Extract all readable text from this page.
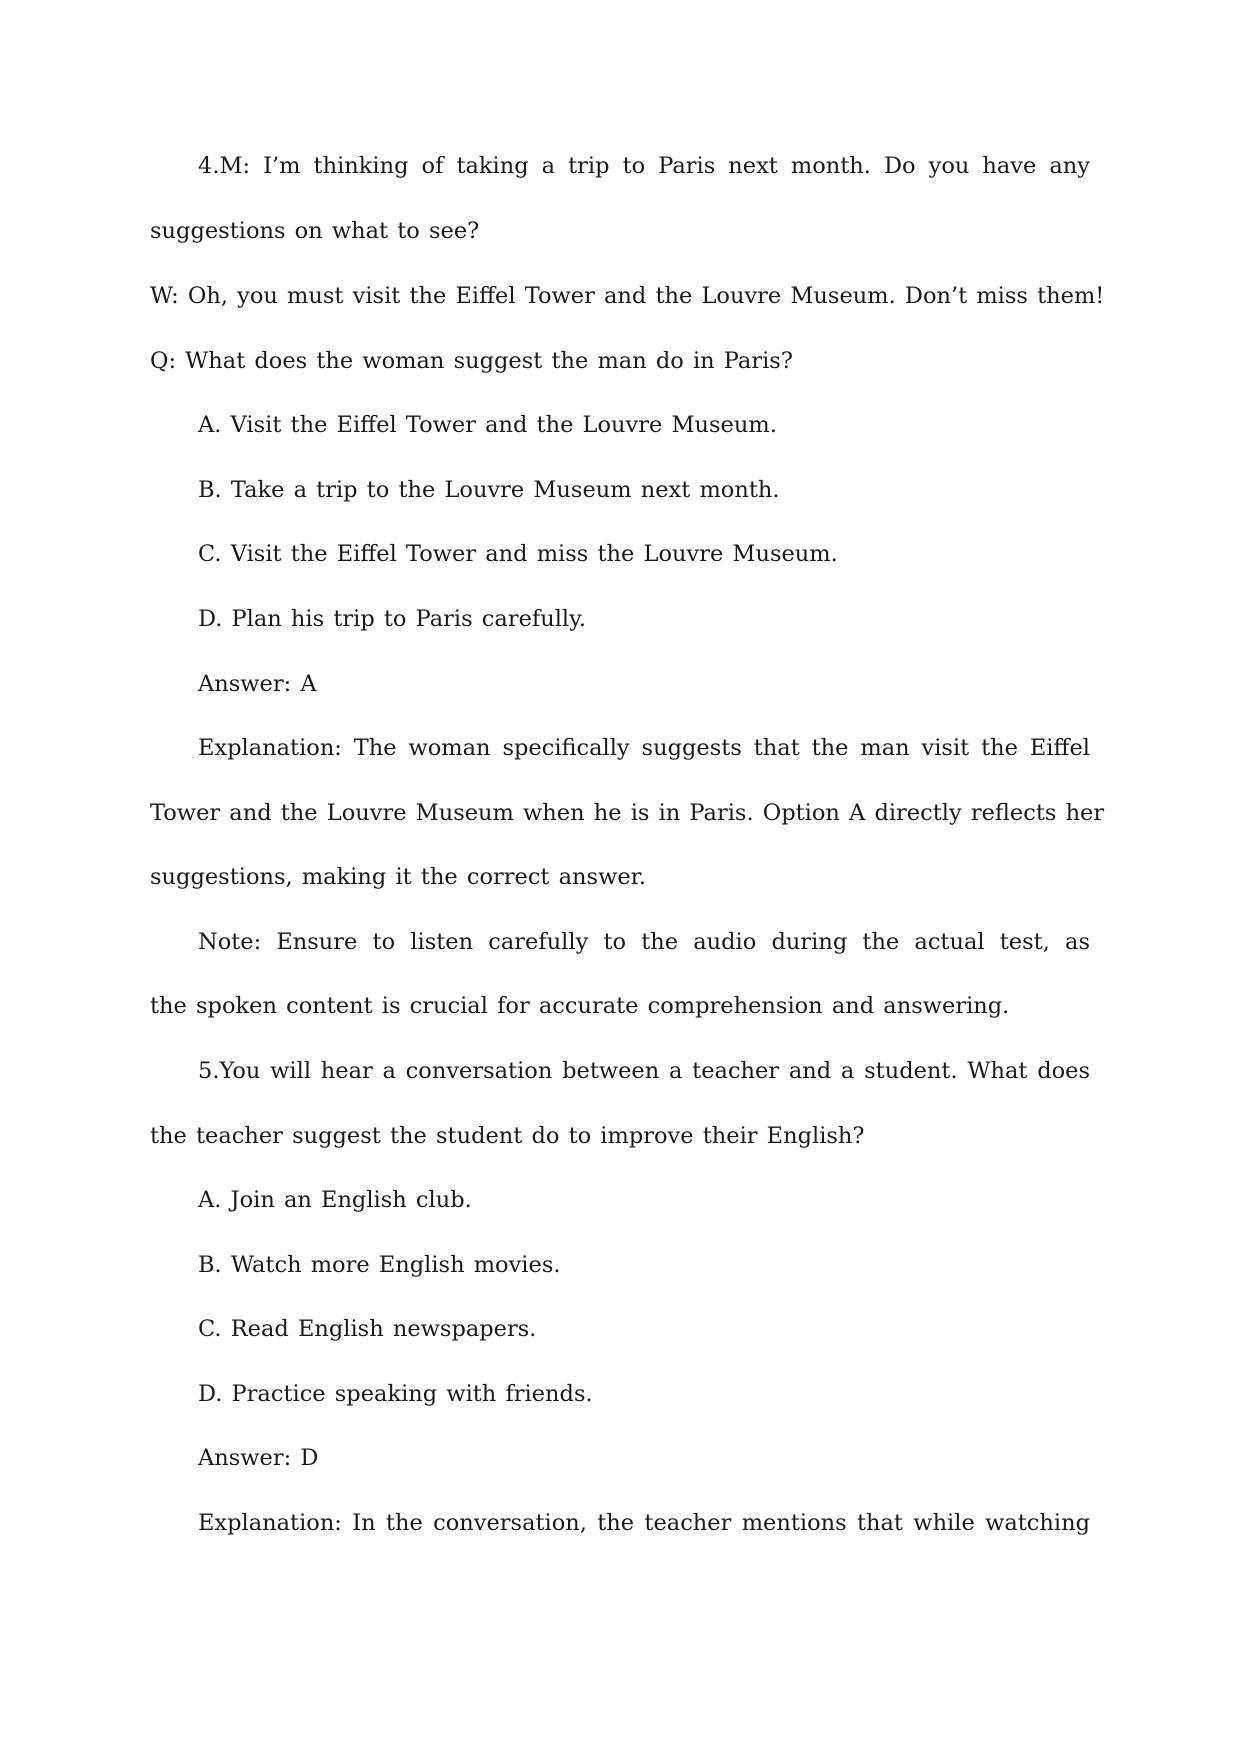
4.M: I’m thinking of taking a trip to Paris next month. Do you have any
suggestions on what to see?
W: Oh, you must visit the Eiffel Tower and the Louvre Museum. Don’t miss them!
Q: What does the woman suggest the man do in Paris?
A. Visit the Eiffel Tower and the Louvre Museum.
B. Take a trip to the Louvre Museum next month.
C. Visit the Eiffel Tower and miss the Louvre Museum.
D. Plan his trip to Paris carefully.
Answer: A
Explanation: The woman specifically suggests that the man visit the Eiffel
Tower and the Louvre Museum when he is in Paris. Option A directly reflects her
suggestions, making it the correct answer.
Note: Ensure to listen carefully to the audio during the actual test, as
the spoken content is crucial for accurate comprehension and answering.
5.You will hear a conversation between a teacher and a student. What does
the teacher suggest the student do to improve their English?
A. Join an English club.
B. Watch more English movies.
C. Read English newspapers.
D. Practice speaking with friends.
Answer: D
Explanation: In the conversation, the teacher mentions that while watching
